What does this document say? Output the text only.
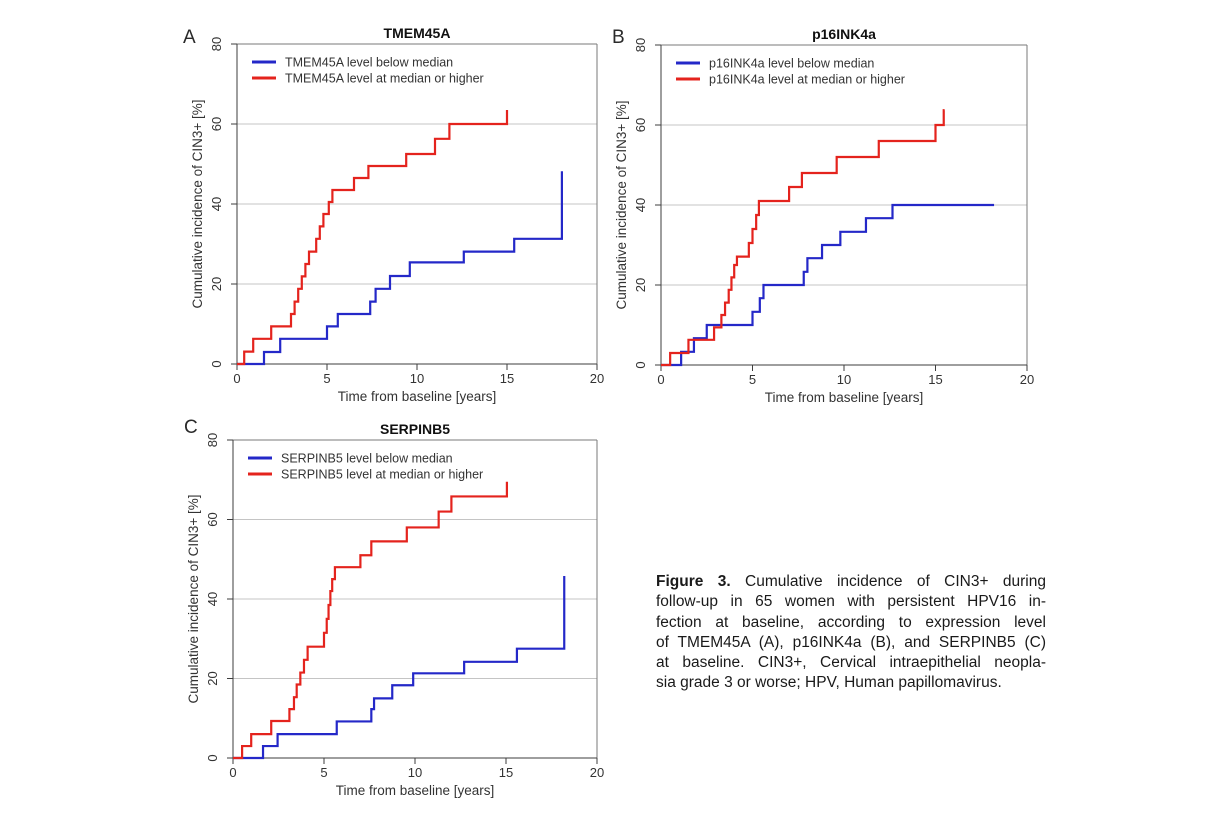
0	5	10	15	20
0
20
40
60
80
Time from baseline [years]
Cumulative incidence of CIN3+ [%]
TMEM45A
A
TMEM45A level below median
TMEM45A level at median or higher
0	5	10	15	20
0
20
40
60
80
Time from baseline [years]
Cumulative incidence of CIN3+ [%]
p16INK4a
B
p16INK4a level below median
p16INK4a level at median or higher
0	5	10	15	20
0
20
40
60
80
Time from baseline [years]
Cumulative incidence of CIN3+ [%]
SERPINB5
C
SERPINB5 level below median
SERPINB5 level at median or higher
Figure 3. Cumulative incidence of CIN3+ during
follow-up in 65 women with persistent HPV16 in-
fection at baseline, according to expression level
of TMEM45A (A), p16INK4a (B), and SERPINB5 (C)
at baseline. CIN3+, Cervical intraepithelial neopla-
sia grade 3 or worse; HPV, Human papillomavirus.
